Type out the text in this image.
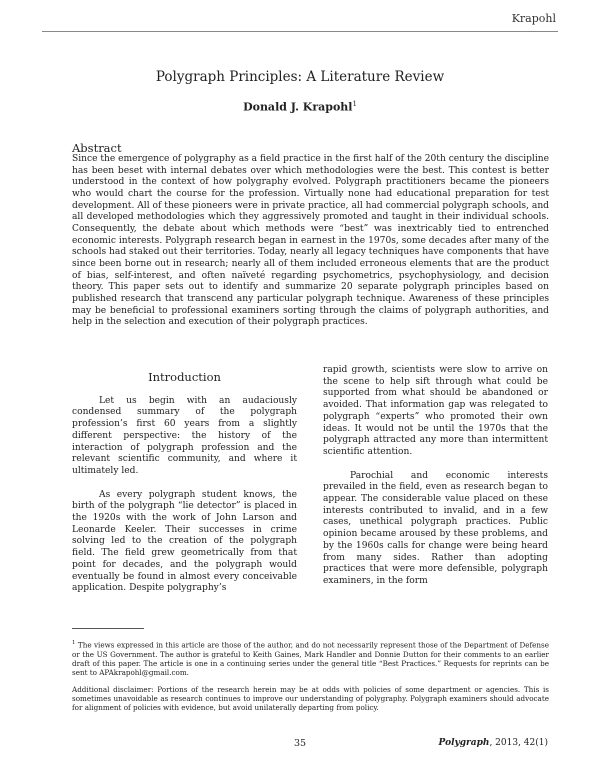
Krapohl
Polygraph Principles: A Literature Review
Donald J. Krapohl$^1$
Abstract
Since the emergence of polygraphy as a field practice in the first half of the 20th century the discipline has been beset with internal debates over which methodologies were the best. This contest is better understood in the context of how polygraphy evolved. Polygraph practitioners became the pioneers who would chart the course for the profession. Virtually none had educational preparation for test development. All of these pioneers were in private practice, all had commercial polygraph schools, and all developed methodologies which they aggressively promoted and taught in their individual schools. Consequently, the debate about which methods were “best” was inextricably tied to entrenched economic interests. Polygraph research began in earnest in the 1970s, some decades after many of the schools had staked out their territories. Today, nearly all legacy techniques have components that have since been borne out in research; nearly all of them included erroneous elements that are the product of bias, self-interest, and often naïveté regarding psychometrics, psychophysiology, and decision theory. This paper sets out to identify and summarize 20 separate polygraph principles based on published research that transcend any particular polygraph technique. Awareness of these principles may be beneficial to professional examiners sorting through the claims of polygraph authorities, and help in the selection and execution of their polygraph practices.
Introduction

Let us begin with an audaciously condensed summary of the polygraph profession’s first 60 years from a slightly different perspective: the history of the interaction of polygraph profession and the relevant scientific community, and where it ultimately led.

As every polygraph student knows, the birth of the polygraph “lie detector” is placed in the 1920s with the work of John Larson and Leonarde Keeler. Their successes in crime solving led to the creation of the polygraph field. The field grew geometrically from that point for decades, and the polygraph would eventually be found in almost every conceivable application. Despite polygraphy’s

rapid growth, scientists were slow to arrive on the scene to help sift through what could be supported from what should be abandoned or avoided. That information gap was relegated to polygraph “experts” who promoted their own ideas. It would not be until the 1970s that the polygraph attracted any more than intermittent scientific attention.

Parochial and economic interests prevailed in the field, even as research began to appear. The considerable value placed on these interests contributed to invalid, and in a few cases, unethical polygraph practices. Public opinion became aroused by these problems, and by the 1960s calls for change were being heard from many sides. Rather than adopting practices that were more defensible, polygraph examiners, in the form

$^1$ The views expressed in this article are those of the author, and do not necessarily represent those of the Department of Defense or the US Government. The author is grateful to Keith Gaines, Mark Handler and Donnie Dutton for their comments to an earlier draft of this paper. The article is one in a continuing series under the general title “Best Practices.” Requests for reprints can be sent to APAkrapohl@gmail.com.
Additional disclaimer: Portions of the research herein may be at odds with policies of some department or agencies. This is sometimes unavoidable as research continues to improve our understanding of polygraphy. Polygraph examiners should advocate for alignment of policies with evidence, but avoid unilaterally departing from policy.
35	Polygraph, 2013, 42(1)
